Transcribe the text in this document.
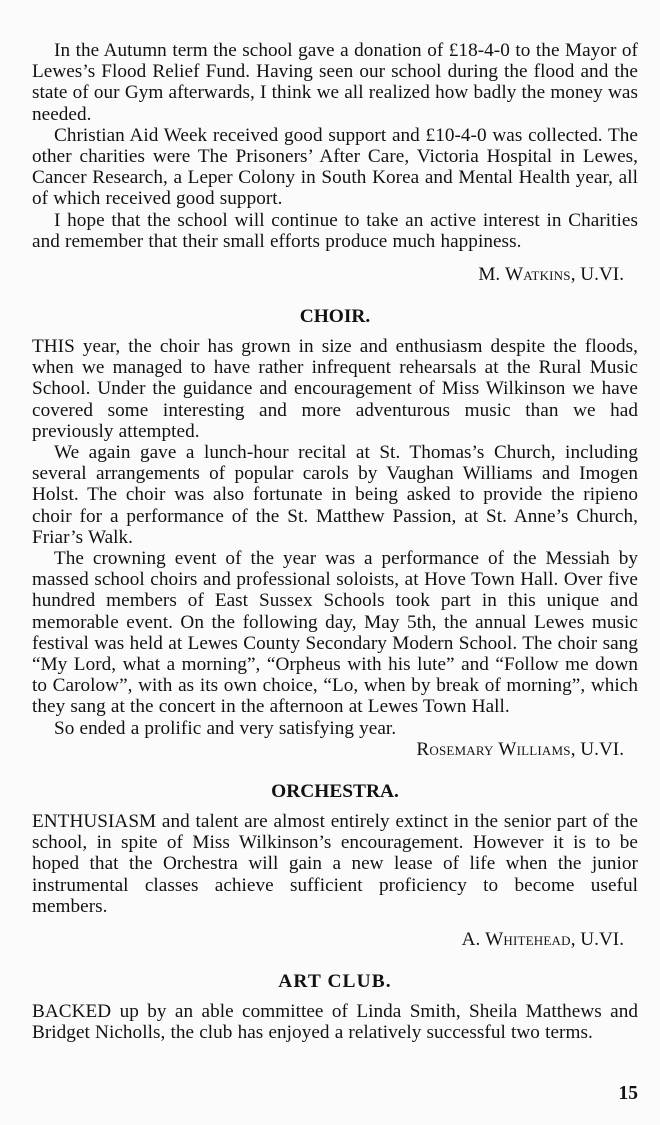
In the Autumn term the school gave a donation of £18-4-0 to the Mayor of Lewes’s Flood Relief Fund. Having seen our school during the flood and the state of our Gym afterwards, I think we all realized how badly the money was needed.

Christian Aid Week received good support and £10-4-0 was collected. The other charities were The Prisoners’ After Care, Victoria Hospital in Lewes, Cancer Research, a Leper Colony in South Korea and Mental Health year, all of which received good support.

I hope that the school will continue to take an active interest in Charities and remember that their small efforts produce much happiness.

M. Watkins, U.VI.

CHOIR.

THIS year, the choir has grown in size and enthusiasm despite the floods, when we managed to have rather infrequent rehearsals at the Rural Music School. Under the guidance and encouragement of Miss Wilkinson we have covered some interesting and more adventurous music than we had previously attempted.

We again gave a lunch-hour recital at St. Thomas’s Church, including several arrangements of popular carols by Vaughan Williams and Imogen Holst. The choir was also fortunate in being asked to provide the ripieno choir for a performance of the St. Matthew Passion, at St. Anne’s Church, Friar’s Walk.

The crowning event of the year was a performance of the Messiah by massed school choirs and professional soloists, at Hove Town Hall. Over five hundred members of East Sussex Schools took part in this unique and memorable event. On the following day, May 5th, the annual Lewes music festival was held at Lewes County Secondary Modern School. The choir sang “My Lord, what a morning”, “Orpheus with his lute” and “Follow me down to Carolow”, with as its own choice, “Lo, when by break of morning”, which they sang at the concert in the afternoon at Lewes Town Hall.

So ended a prolific and very satisfying year.

Rosemary Williams, U.VI.

ORCHESTRA.

ENTHUSIASM and talent are almost entirely extinct in the senior part of the school, in spite of Miss Wilkinson’s encouragement. However it is to be hoped that the Orchestra will gain a new lease of life when the junior instrumental classes achieve sufficient proficiency to become useful members.

A. Whitehead, U.VI.

ART CLUB.

BACKED up by an able committee of Linda Smith, Sheila Matthews and Bridget Nicholls, the club has enjoyed a relatively successful two terms.

15
